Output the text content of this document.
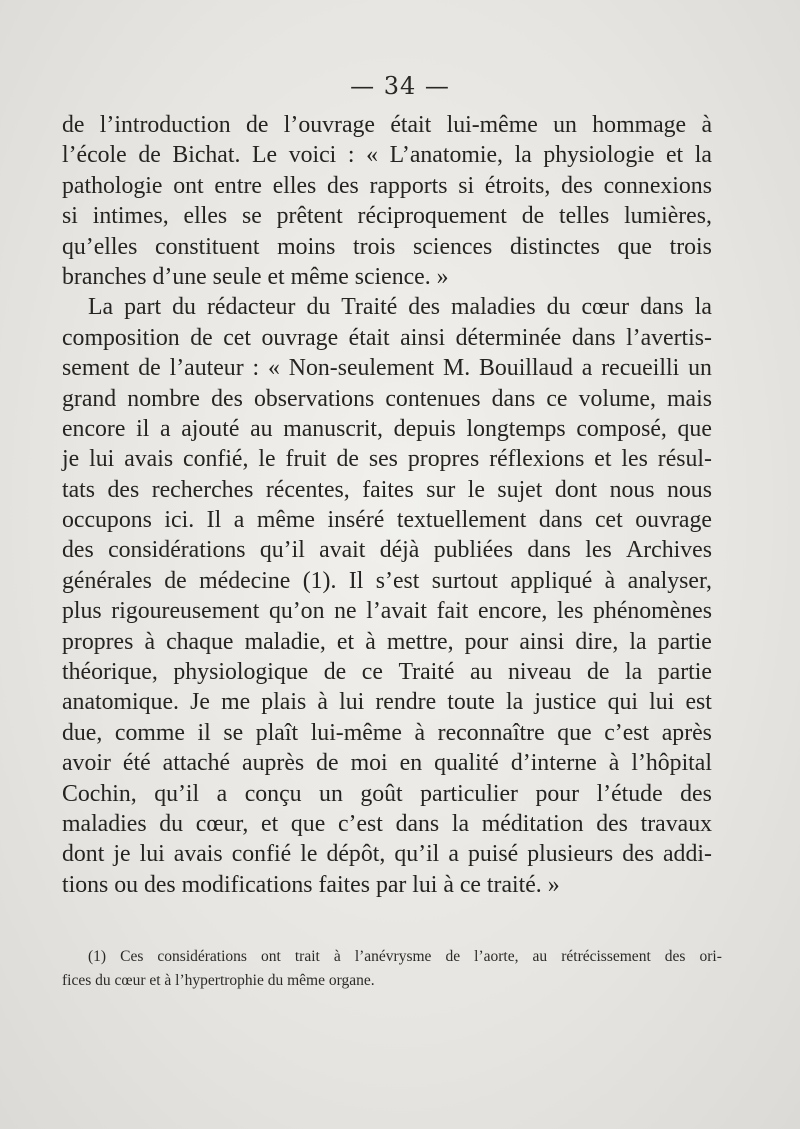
— 34 —
de l’introduction de l’ouvrage était lui-même un hommage à
l’école de Bichat. Le voici : « L’anatomie, la physiologie et la
pathologie ont entre elles des rapports si étroits, des connexions
si intimes, elles se prêtent réciproquement de telles lumières,
qu’elles constituent moins trois sciences distinctes que trois
branches d’une seule et même science. »
La part du rédacteur du Traité des maladies du cœur dans la
composition de cet ouvrage était ainsi déterminée dans l’avertis-
sement de l’auteur : « Non-seulement M. Bouillaud a recueilli un
grand nombre des observations contenues dans ce volume, mais
encore il a ajouté au manuscrit, depuis longtemps composé, que
je lui avais confié, le fruit de ses propres réflexions et les résul-
tats des recherches récentes, faites sur le sujet dont nous nous
occupons ici. Il a même inséré textuellement dans cet ouvrage
des considérations qu’il avait déjà publiées dans les Archives
générales de médecine (1). Il s’est surtout appliqué à analyser,
plus rigoureusement qu’on ne l’avait fait encore, les phénomènes
propres à chaque maladie, et à mettre, pour ainsi dire, la partie
théorique, physiologique de ce Traité au niveau de la partie
anatomique. Je me plais à lui rendre toute la justice qui lui est
due, comme il se plaît lui-même à reconnaître que c’est après
avoir été attaché auprès de moi en qualité d’interne à l’hôpital
Cochin, qu’il a conçu un goût particulier pour l’étude des
maladies du cœur, et que c’est dans la méditation des travaux
dont je lui avais confié le dépôt, qu’il a puisé plusieurs des addi-
tions ou des modifications faites par lui à ce traité. »
(1) Ces considérations ont trait à l’anévrysme de l’aorte, au rétrécissement des ori-
fices du cœur et à l’hypertrophie du même organe.
